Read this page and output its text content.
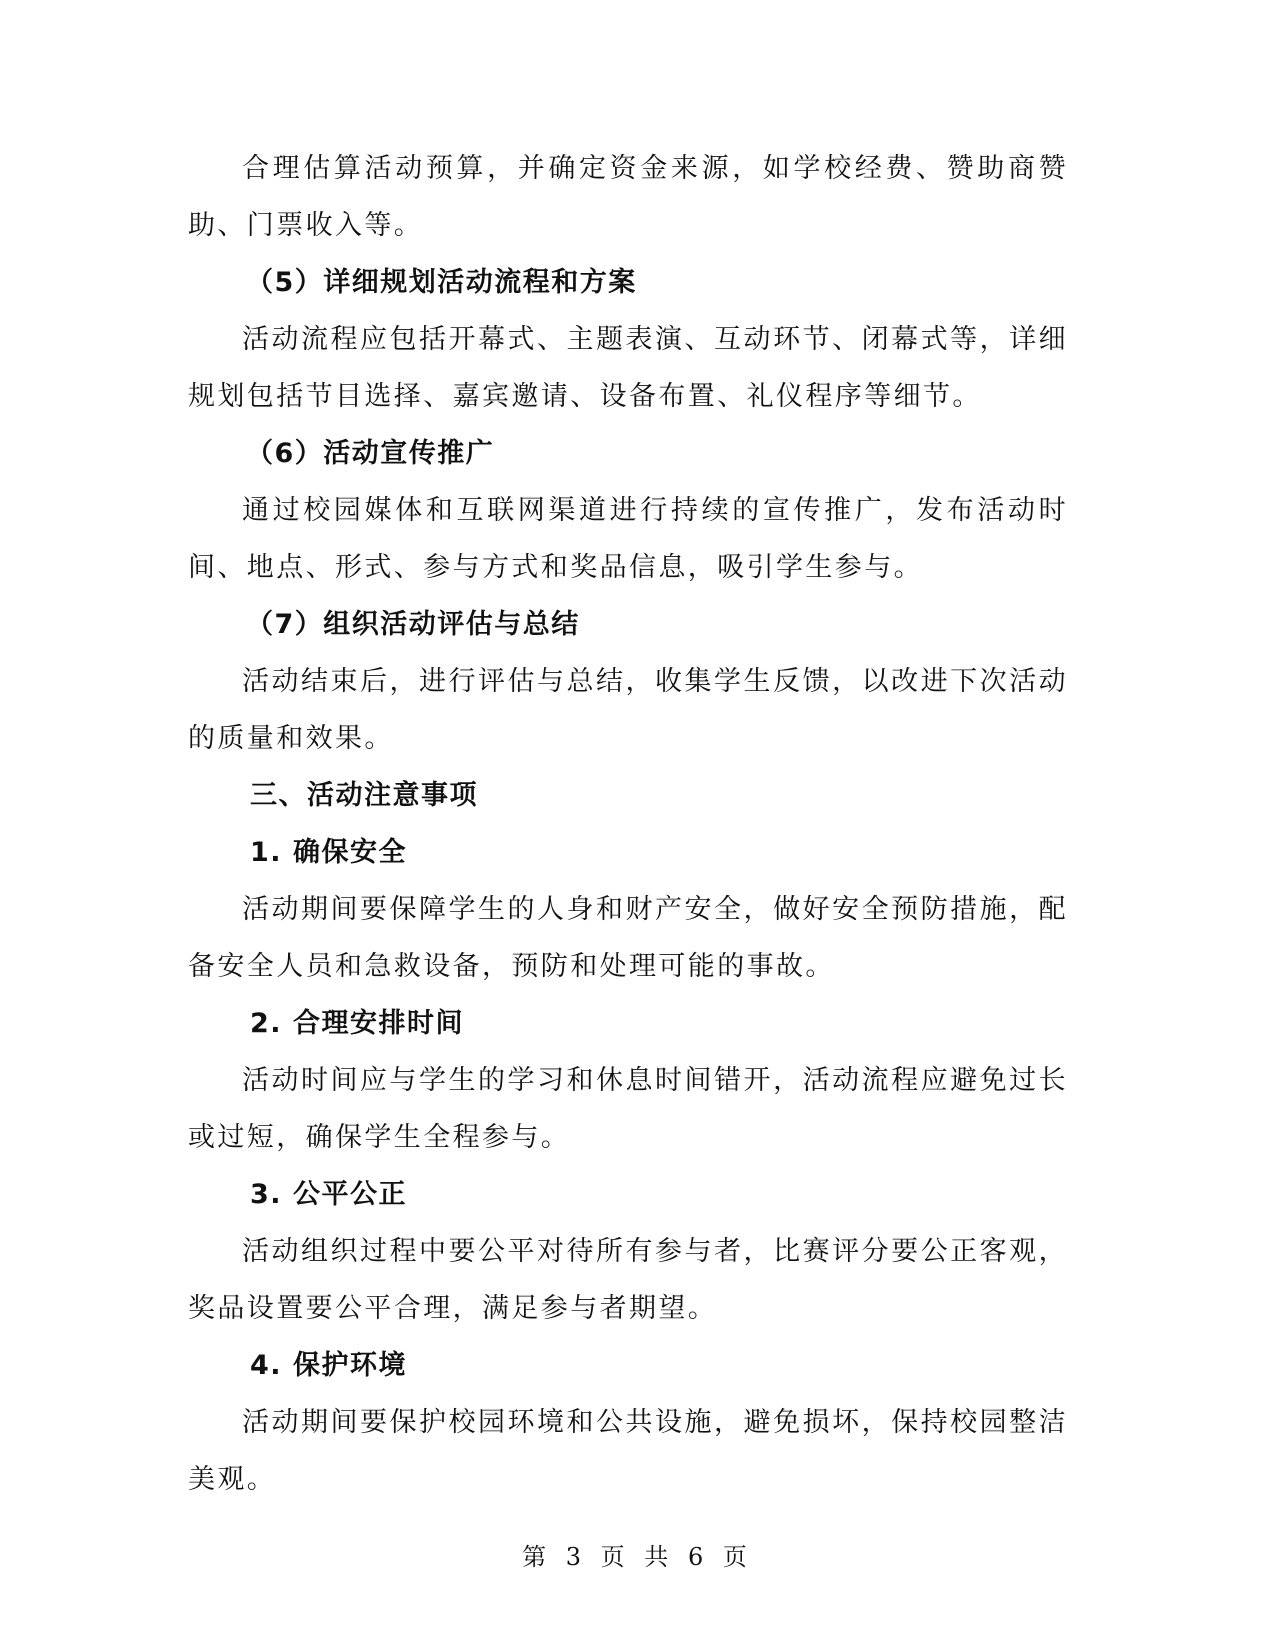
合理估算活动预算，并确定资金来源，如学校经费、赞助商赞助、门票收入等。

（5）详细规划活动流程和方案

活动流程应包括开幕式、主题表演、互动环节、闭幕式等，详细规划包括节目选择、嘉宾邀请、设备布置、礼仪程序等细节。

（6）活动宣传推广

通过校园媒体和互联网渠道进行持续的宣传推广，发布活动时间、地点、形式、参与方式和奖品信息，吸引学生参与。

（7）组织活动评估与总结

活动结束后，进行评估与总结，收集学生反馈，以改进下次活动的质量和效果。

三、活动注意事项

1. 确保安全

活动期间要保障学生的人身和财产安全，做好安全预防措施，配备安全人员和急救设备，预防和处理可能的事故。

2. 合理安排时间

活动时间应与学生的学习和休息时间错开，活动流程应避免过长或过短，确保学生全程参与。

3. 公平公正

活动组织过程中要公平对待所有参与者，比赛评分要公正客观，奖品设置要公平合理，满足参与者期望。

4. 保护环境

活动期间要保护校园环境和公共设施，避免损坏，保持校园整洁美观。

第 3 页 共 6 页
